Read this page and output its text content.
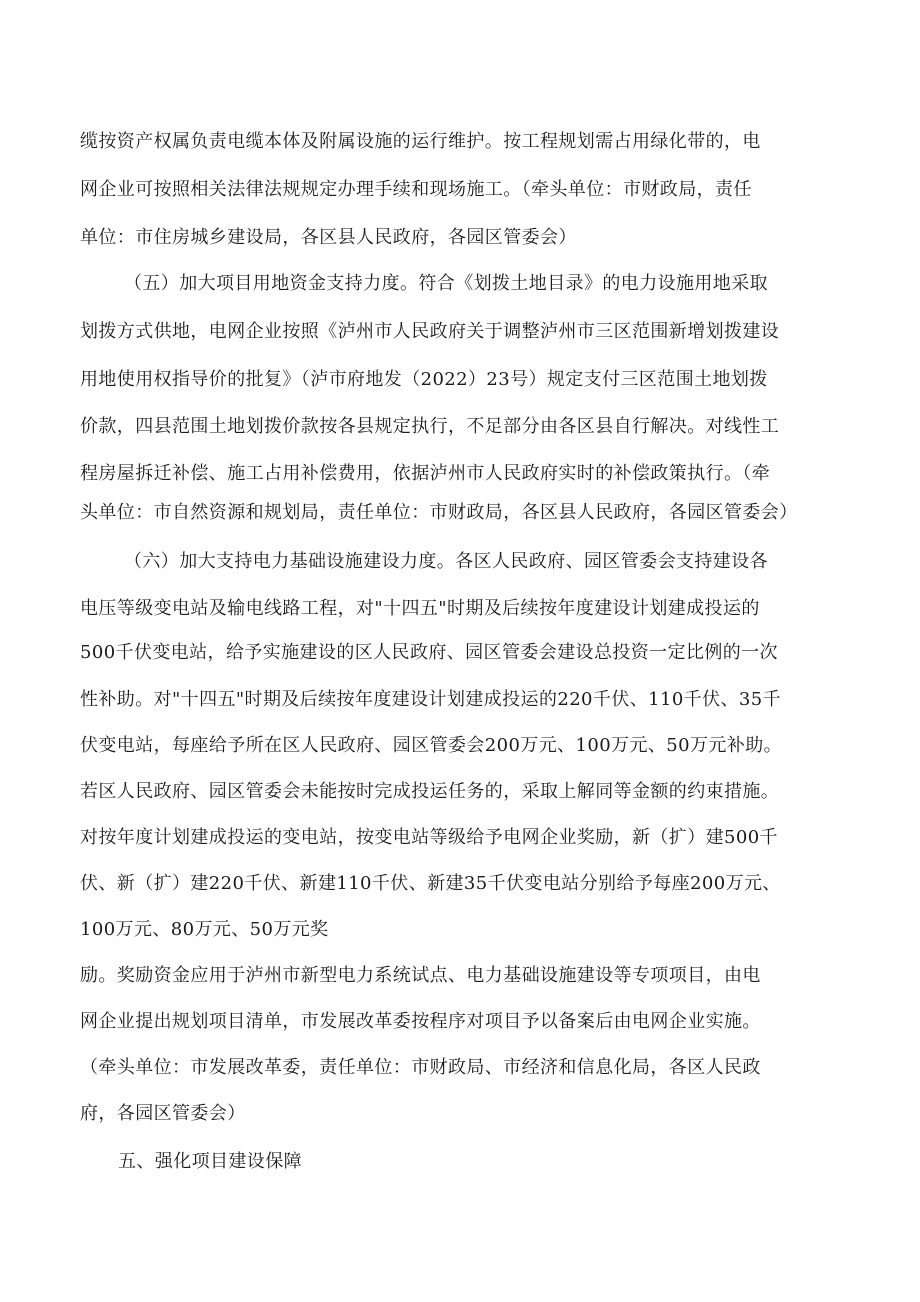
缆按资产权属负责电缆本体及附属设施的运行维护。按工程规划需占用绿化带的，电
网企业可按照相关法律法规规定办理手续和现场施工。（牵头单位：市财政局，责任
单位：市住房城乡建设局，各区县人民政府，各园区管委会）
（五）加大项目用地资金支持力度。符合《划拨土地目录》的电力设施用地采取
划拨方式供地，电网企业按照《泸州市人民政府关于调整泸州市三区范围新增划拨建设
用地使用权指导价的批复》（泸市府地发（2022）23号）规定支付三区范围土地划拨
价款，四县范围土地划拨价款按各县规定执行，不足部分由各区县自行解决。对线性工
程房屋拆迁补偿、施工占用补偿费用，依据泸州市人民政府实时的补偿政策执行。（牵
头单位：市自然资源和规划局，责任单位：市财政局，各区县人民政府，各园区管委会）
（六）加大支持电力基础设施建设力度。各区人民政府、园区管委会支持建设各
电压等级变电站及输电线路工程，对"十四五"时期及后续按年度建设计划建成投运的
500千伏变电站，给予实施建设的区人民政府、园区管委会建设总投资一定比例的一次
性补助。对"十四五"时期及后续按年度建设计划建成投运的220千伏、110千伏、35千
伏变电站，每座给予所在区人民政府、园区管委会200万元、100万元、50万元补助。
若区人民政府、园区管委会未能按时完成投运任务的，采取上解同等金额的约束措施。
对按年度计划建成投运的变电站，按变电站等级给予电网企业奖励，新（扩）建500千
伏、新（扩）建220千伏、新建110千伏、新建35千伏变电站分别给予每座200万元、
100万元、80万元、50万元奖
励。奖励资金应用于泸州市新型电力系统试点、电力基础设施建设等专项项目，由电
网企业提出规划项目清单，市发展改革委按程序对项目予以备案后由电网企业实施。
（牵头单位：市发展改革委，责任单位：市财政局、市经济和信息化局，各区人民政
府，各园区管委会）
五、强化项目建设保障
